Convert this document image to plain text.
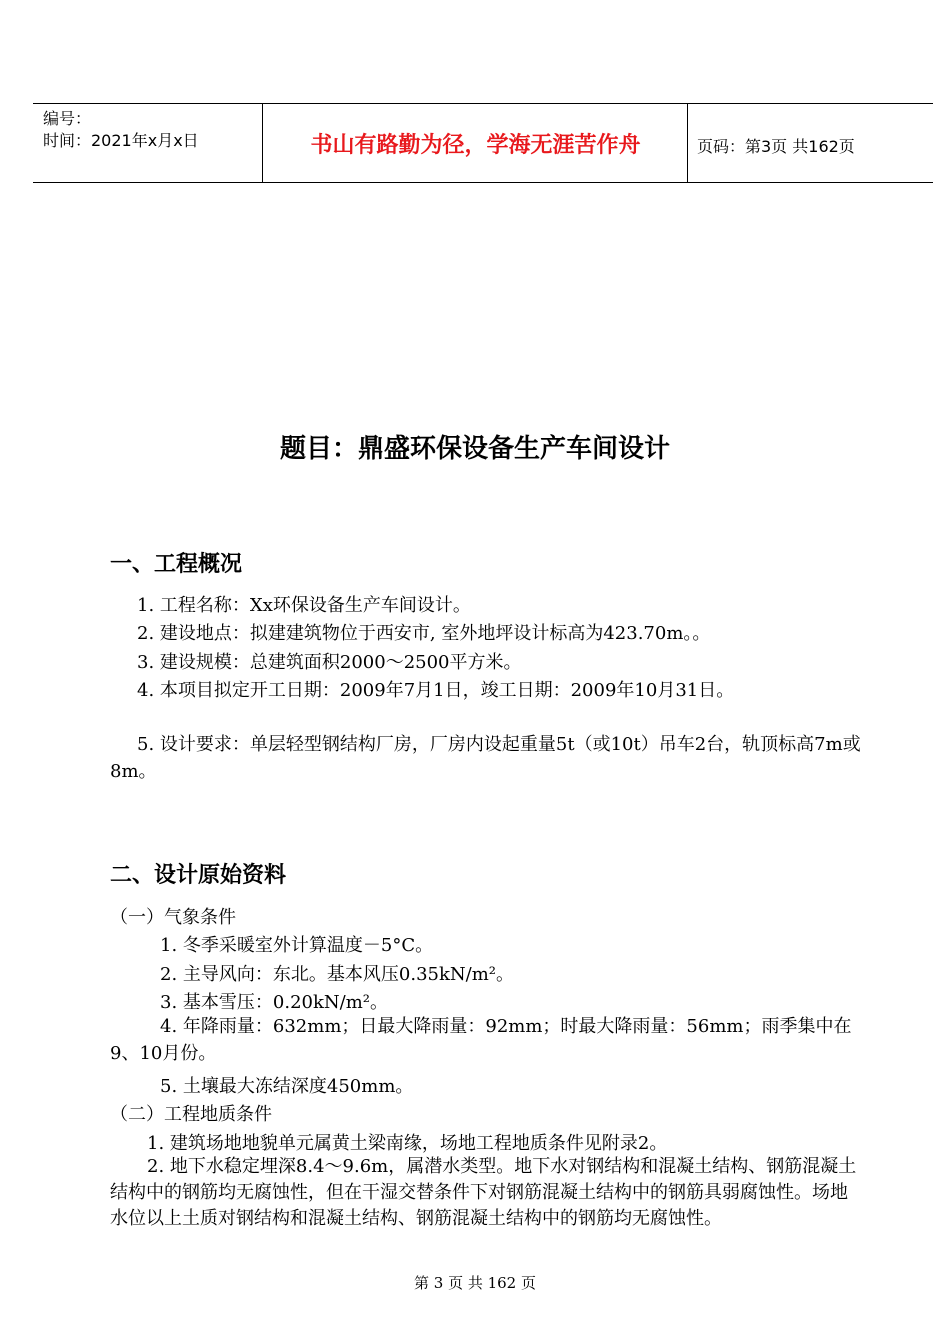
编号：
时间：2021年x月x日	书山有路勤为径，学海无涯苦作舟	页码：第3页 共162页
题目：鼎盛环保设备生产车间设计
一、工程概况
1. 工程名称：Xx环保设备生产车间设计。
2. 建设地点：拟建建筑物位于西安市, 室外地坪设计标高为423.70m。。
3. 建设规模：总建筑面积2000～2500平方米。
4. 本项目拟定开工日期：2009年7月1日，竣工日期：2009年10月31日。
5. 设计要求：单层轻型钢结构厂房，厂房内设起重量5t（或10t）吊车2台，轨顶标高7m或8m。
二、设计原始资料
（一）气象条件
1. 冬季采暖室外计算温度－5°C。
2. 主导风向：东北。基本风压0.35kN/m²。
3. 基本雪压：0.20kN/m²。
4. 年降雨量：632mm；日最大降雨量：92mm；时最大降雨量：56mm；雨季集中在9、10月份。
5. 土壤最大冻结深度450mm。
（二）工程地质条件
1. 建筑场地地貌单元属黄土梁南缘，场地工程地质条件见附录2。
2. 地下水稳定埋深8.4～9.6m，属潜水类型。地下水对钢结构和混凝土结构、钢筋混凝土结构中的钢筋均无腐蚀性，但在干湿交替条件下对钢筋混凝土结构中的钢筋具弱腐蚀性。场地水位以上土质对钢结构和混凝土结构、钢筋混凝土结构中的钢筋均无腐蚀性。
第 3 页 共 162 页
